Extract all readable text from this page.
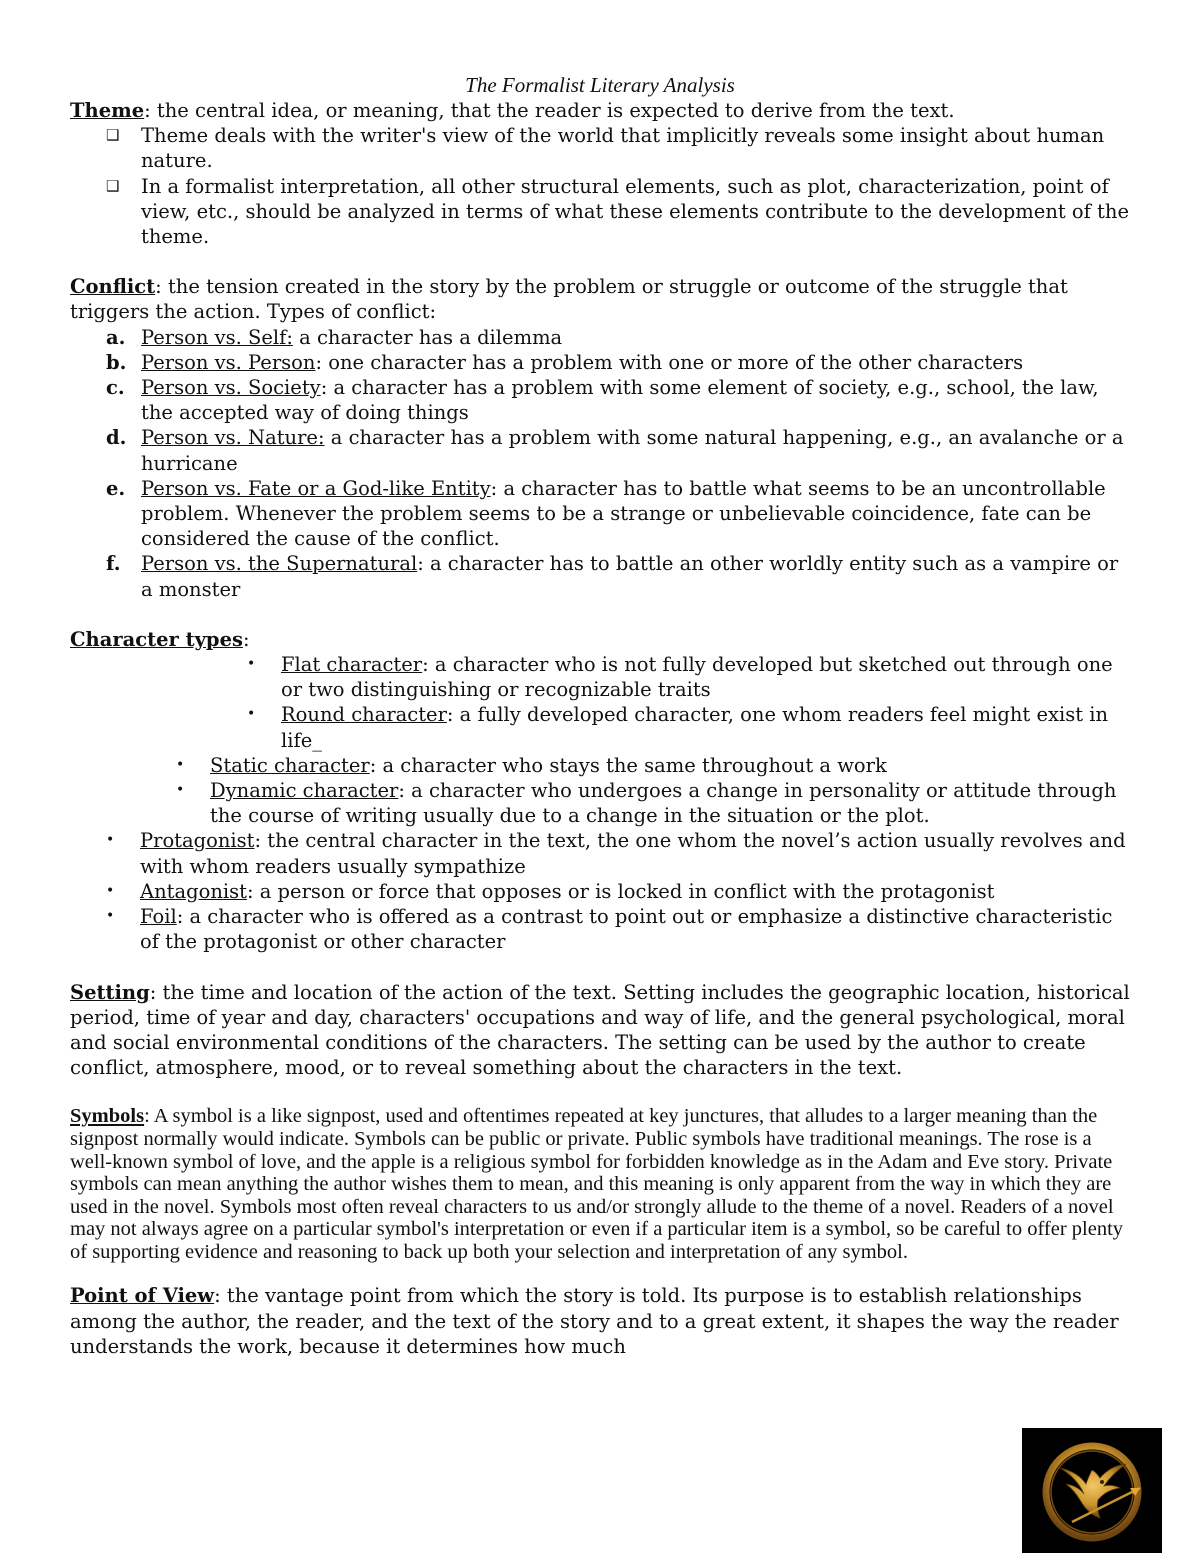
The Formalist Literary Analysis

Theme: the central idea, or meaning, that the reader is expected to derive from the text.

❑	Theme deals with the writer's view of the world that implicitly reveals some insight about human nature.
❑	In a formalist interpretation, all other structural elements, such as plot, characterization, point of view, etc., should be analyzed in terms of what these elements contribute to the development of the theme.

Conflict: the tension created in the story by the problem or struggle or outcome of the struggle that triggers the action. Types of conflict:

a. Person vs. Self: a character has a dilemma
b. Person vs. Person: one character has a problem with one or more of the other characters
c. Person vs. Society: a character has a problem with some element of society, e.g., school, the law, the accepted way of doing things
d. Person vs. Nature: a character has a problem with some natural happening, e.g., an avalanche or a hurricane
e. Person vs. Fate or a God-like Entity: a character has to battle what seems to be an uncontrollable problem. Whenever the problem seems to be a strange or unbelievable coincidence, fate can be considered the cause of the conflict.
f.	Person vs. the Supernatural: a character has to battle an other worldly entity such as a vampire or a monster

Character types:

•	Flat character: a character who is not fully developed but sketched out through one or two distinguishing or recognizable traits
•	Round character: a fully developed character, one whom readers feel might exist in life_
•	Static character: a character who stays the same throughout a work
•	Dynamic character: a character who undergoes a change in personality or attitude through the course of writing usually due to a change in the situation or the plot.
•	Protagonist: the central character in the text, the one whom the novel’s action usually revolves and with whom readers usually sympathize
•	Antagonist: a person or force that opposes or is locked in conflict with the protagonist
•	Foil: a character who is offered as a contrast to point out or emphasize a distinctive characteristic of the protagonist or other character

Setting: the time and location of the action of the text. Setting includes the geographic location, historical period, time of year and day, characters' occupations and way of life, and the general psychological, moral and social environmental conditions of the characters. The setting can be used by the author to create conflict, atmosphere, mood, or to reveal something about the characters in the text.

Symbols: A symbol is a like signpost, used and oftentimes repeated at key junctures, that alludes to a larger meaning than the signpost normally would indicate. Symbols can be public or private. Public symbols have traditional meanings. The rose is a well-known symbol of love, and the apple is a religious symbol for forbidden knowledge as in the Adam and Eve story. Private symbols can mean anything the author wishes them to mean, and this meaning is only apparent from the way in which they are used in the novel. Symbols most often reveal characters to us and/or strongly allude to the theme of a novel. Readers of a novel may not always agree on a particular symbol's interpretation or even if a particular item is a symbol, so be careful to offer plenty of supporting evidence and reasoning to back up both your selection and interpretation of any symbol.

Point of View: the vantage point from which the story is told. Its purpose is to establish relationships among the author, the reader, and the text of the story and to a great extent, it shapes the way the reader understands the work, because it determines how much
